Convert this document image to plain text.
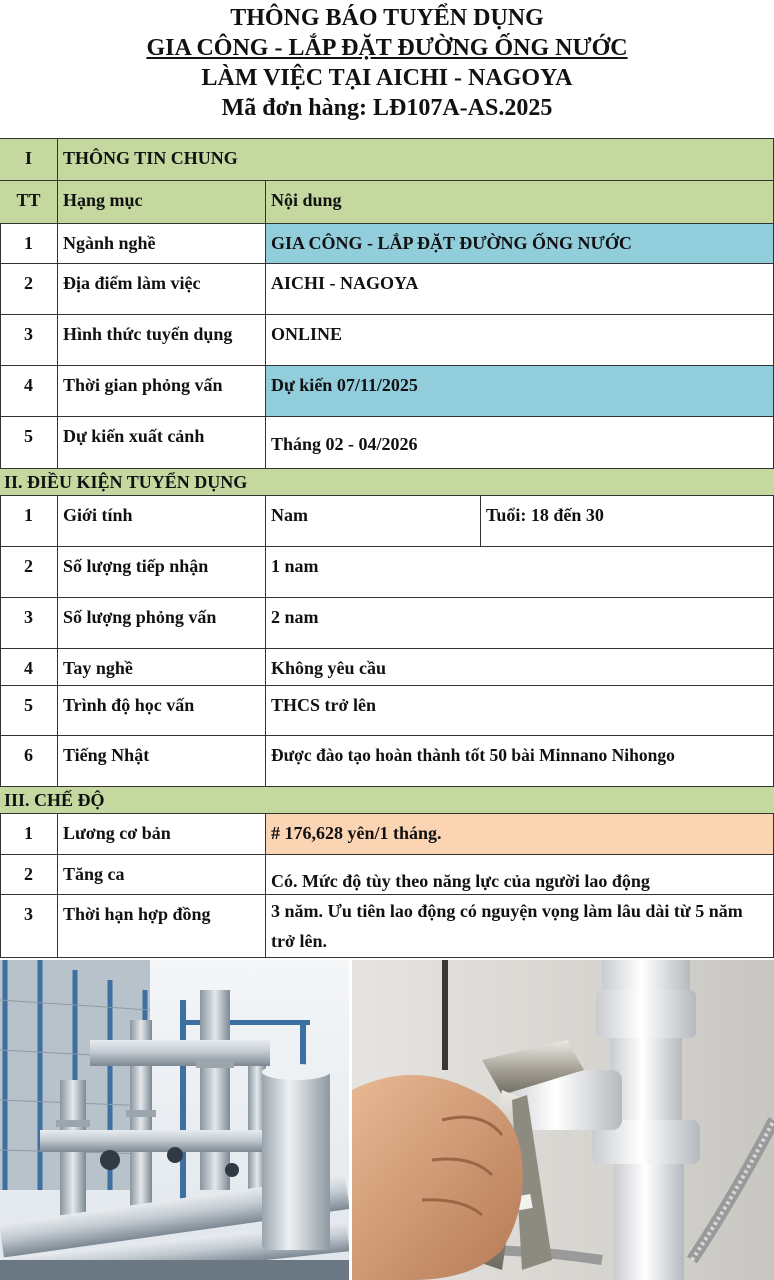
THÔNG BÁO TUYỂN DỤNG
GIA CÔNG - LẮP ĐẶT ĐƯỜNG ỐNG NƯỚC
LÀM VIỆC TẠI AICHI - NAGOYA
Mã đơn hàng: LĐ107A-AS.2025
I	THÔNG TIN CHUNG
TT	Hạng mục	Nội dung
1	Ngành nghề	GIA CÔNG - LẮP ĐẶT ĐƯỜNG ỐNG NƯỚC
2	Địa điểm làm việc	AICHI - NAGOYA
3	Hình thức tuyển dụng	ONLINE
4	Thời gian phỏng vấn	Dự kiến 07/11/2025
5	Dự kiến xuất cảnh	Tháng 02 - 04/2026
II. ĐIỀU KIỆN TUYỂN DỤNG
1	Giới tính	Nam	Tuổi: 18 đến 30
2	Số lượng tiếp nhận	1 nam
3	Số lượng phỏng vấn	2 nam
4	Tay nghề	Không yêu cầu
5	Trình độ học vấn	THCS trở lên
6	Tiếng Nhật	Được đào tạo hoàn thành tốt 50 bài Minnano Nihongo
III. CHẾ ĐỘ
1	Lương cơ bản	# 176,628 yên/1 tháng.
2	Tăng ca	Có. Mức độ tùy theo năng lực của người lao động
3	Thời hạn hợp đồng	3 năm. Ưu tiên lao động có nguyện vọng làm lâu dài từ 5 năm trở lên.
